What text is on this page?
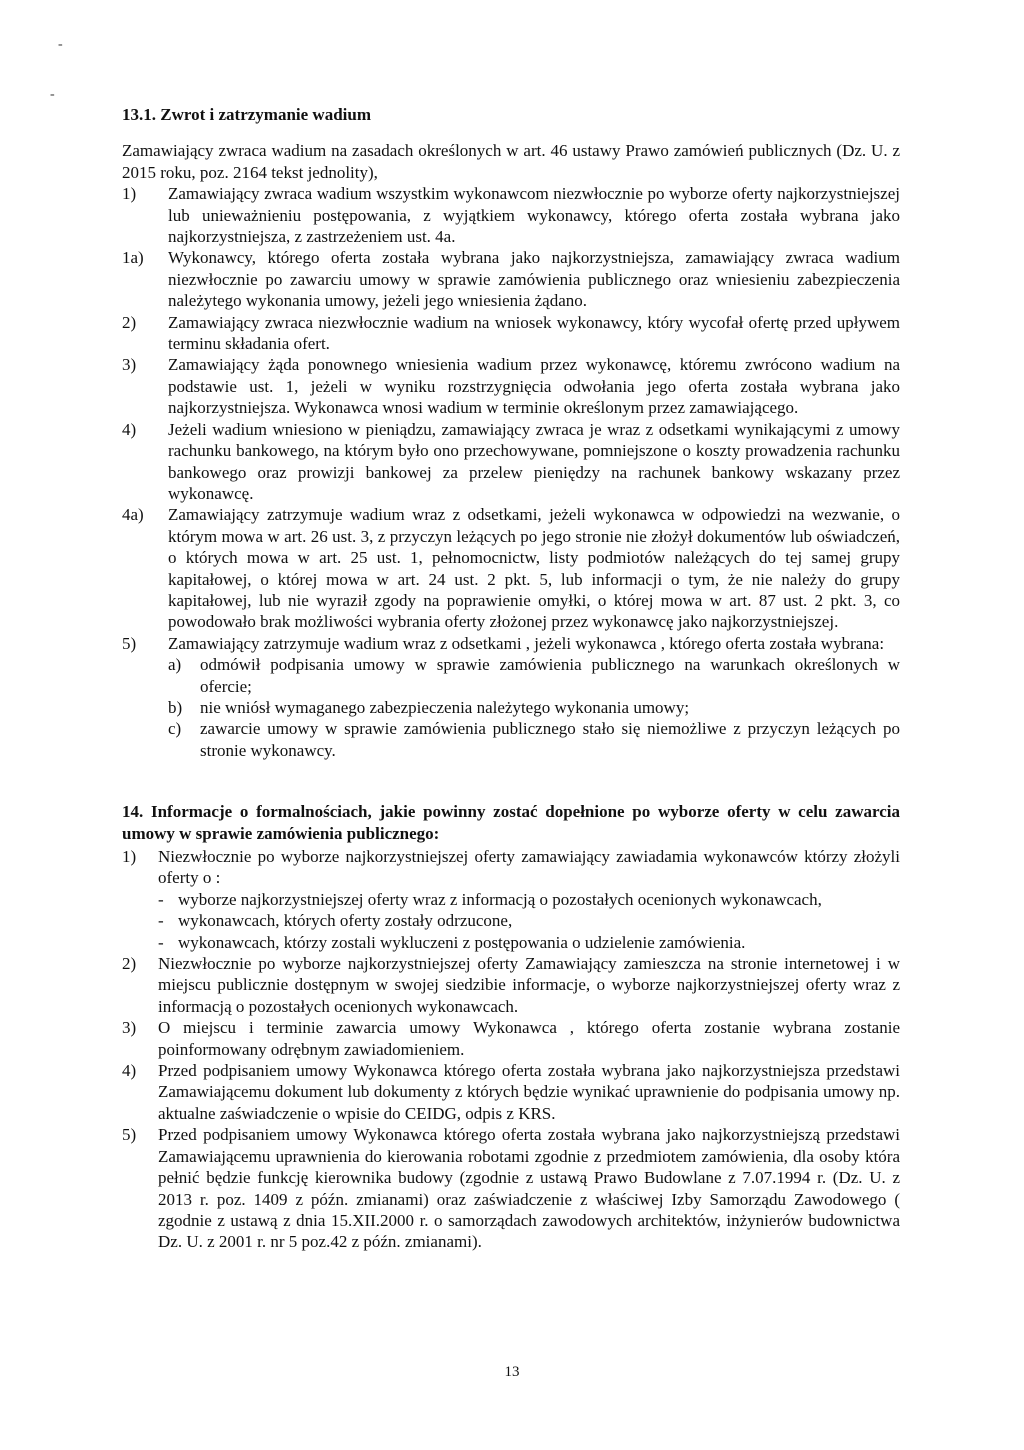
-
-

13.1. Zwrot i zatrzymanie wadium

Zamawiający zwraca wadium na zasadach określonych w art. 46 ustawy Prawo zamówień publicznych (Dz. U. z 2015 roku, poz. 2164 tekst jednolity),

1)	Zamawiający zwraca wadium wszystkim wykonawcom niezwłocznie po wyborze oferty najkorzystniejszej lub unieważnieniu postępowania, z wyjątkiem wykonawcy, którego oferta została wybrana jako najkorzystniejsza, z zastrzeżeniem ust. 4a.
1a)	Wykonawcy, którego oferta została wybrana jako najkorzystniejsza, zamawiający zwraca wadium niezwłocznie po zawarciu umowy w sprawie zamówienia publicznego oraz wniesieniu zabezpieczenia należytego wykonania umowy, jeżeli jego wniesienia żądano.
2)	Zamawiający zwraca niezwłocznie wadium na wniosek wykonawcy, który wycofał ofertę przed upływem terminu składania ofert.
3)	Zamawiający żąda ponownego wniesienia wadium przez wykonawcę, któremu zwrócono wadium na podstawie ust. 1, jeżeli w wyniku rozstrzygnięcia odwołania jego oferta została wybrana jako najkorzystniejsza. Wykonawca wnosi wadium w terminie określonym przez zamawiającego.
4)	Jeżeli wadium wniesiono w pieniądzu, zamawiający zwraca je wraz z odsetkami wynikającymi z umowy rachunku bankowego, na którym było ono przechowywane, pomniejszone o koszty prowadzenia rachunku bankowego oraz prowizji bankowej za przelew pieniędzy na rachunek bankowy wskazany przez wykonawcę.
4a)	Zamawiający zatrzymuje wadium wraz z odsetkami, jeżeli wykonawca w odpowiedzi na wezwanie, o którym mowa w art. 26 ust. 3, z przyczyn leżących po jego stronie nie złożył dokumentów lub oświadczeń, o których mowa w art. 25 ust. 1, pełnomocnictw, listy podmiotów należących do tej samej grupy kapitałowej, o której mowa w art. 24 ust. 2 pkt. 5, lub informacji o tym, że nie należy do grupy kapitałowej, lub nie wyraził zgody na poprawienie omyłki, o której mowa w art. 87 ust. 2 pkt. 3, co powodowało brak możliwości wybrania oferty złożonej przez wykonawcę jako najkorzystniejszej.
5)	Zamawiający zatrzymuje wadium wraz z odsetkami , jeżeli wykonawca , którego oferta została wybrana:
a)	odmówił podpisania umowy w sprawie zamówienia publicznego na warunkach określonych w ofercie;
b)	nie wniósł wymaganego zabezpieczenia należytego wykonania umowy;
c)	zawarcie umowy w sprawie zamówienia publicznego stało się niemożliwe z przyczyn leżących po stronie wykonawcy.

14. Informacje o formalnościach, jakie powinny zostać dopełnione po wyborze oferty w celu zawarcia umowy w sprawie zamówienia publicznego:

1)	Niezwłocznie po wyborze najkorzystniejszej oferty zamawiający zawiadamia wykonawców którzy złożyli oferty o :
- wyborze najkorzystniejszej oferty wraz z informacją o pozostałych ocenionych wykonawcach,
- wykonawcach, których oferty zostały odrzucone,
- wykonawcach, którzy zostali wykluczeni z postępowania o udzielenie zamówienia.
2)	Niezwłocznie po wyborze najkorzystniejszej oferty Zamawiający zamieszcza na stronie internetowej i w miejscu publicznie dostępnym w swojej siedzibie informacje, o wyborze najkorzystniejszej oferty wraz z informacją o pozostałych ocenionych wykonawcach.
3)	O miejscu i terminie zawarcia umowy Wykonawca , którego oferta zostanie wybrana zostanie poinformowany odrębnym zawiadomieniem.
4)	Przed podpisaniem umowy Wykonawca którego oferta została wybrana jako najkorzystniejsza przedstawi Zamawiającemu dokument lub dokumenty z których będzie wynikać uprawnienie do podpisania umowy np. aktualne zaświadczenie o wpisie do CEIDG, odpis z KRS.
5)	Przed podpisaniem umowy Wykonawca którego oferta została wybrana jako najkorzystniejszą przedstawi Zamawiającemu uprawnienia do kierowania robotami zgodnie z przedmiotem zamówienia, dla osoby która pełnić będzie funkcję kierownika budowy (zgodnie z ustawą Prawo Budowlane z 7.07.1994 r. (Dz. U. z 2013 r. poz. 1409 z późn. zmianami) oraz zaświadczenie z właściwej Izby Samorządu Zawodowego ( zgodnie z ustawą z dnia 15.XII.2000 r. o samorządach zawodowych architektów, inżynierów budownictwa Dz. U. z 2001 r. nr 5 poz.42 z późn. zmianami).
13
